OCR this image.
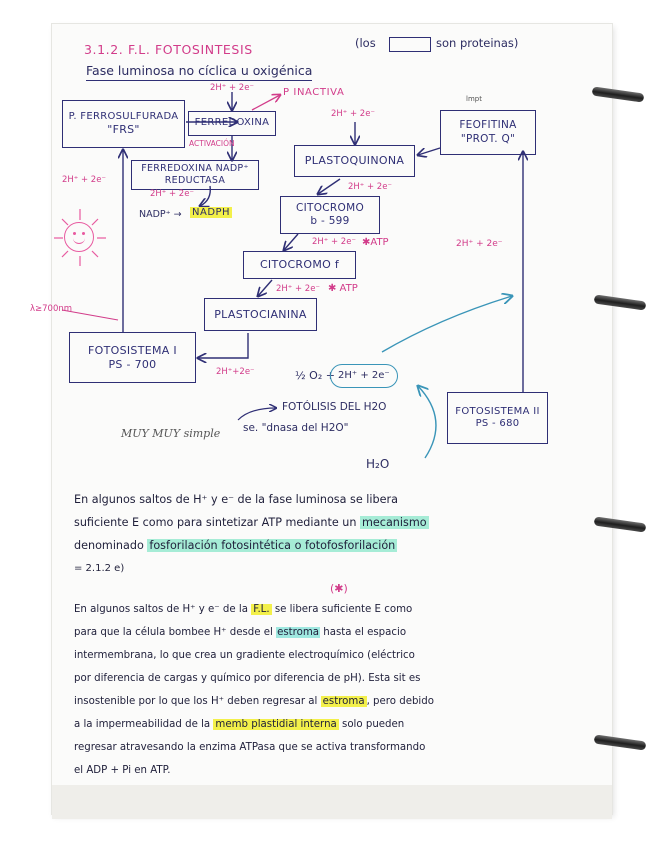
3.1.2. F.L. FOTOSINTESIS	(los	son proteinas)
Fase luminosa no cíclica u oxigénica
P. FERROSULFURADA
"FRS"
FERREDOXINA
FERREDOXINA NADP⁺
REDUCTASA
PLASTOQUINONA
FEOFITINA
"PROT. Q"
CITOCROMO
b - 599
CITOCROMO f
PLASTOCIANINA
FOTOSISTEMA I
PS - 700
FOTOSISTEMA II
PS - 680
2H⁺ + 2e⁻	P INACTIVA
ACTIVACIÓN
2H⁺ + 2e⁻
lmpt
2H⁺ + 2e⁻
2H⁺ + 2e⁻
NADP⁺ → NADPH
2H⁺ + 2e⁻
2H⁺ + 2e⁻ ✱ATP
2H⁺ + 2e⁻ ✱ ATP
2H⁺ + 2e⁻
λ≥700nm
2H⁺+2e⁻	½ O₂ + 2H⁺ + 2e⁻
H₂O
FOTÓLISIS DEL H2O
se. "dnasa del H2O"
MUY MUY simple

En algunos saltos de H⁺ y e⁻ de la fase luminosa se libera

suficiente E como para sintetizar ATP mediante un mecanismo

denominado fosforilación fotosintética o fotofosforilación

= 2.1.2 e)

(✱)

En algunos saltos de H⁺ y e⁻ de la F.L. se libera suficiente E como

para que la célula bombee H⁺ desde el estroma hasta el espacio

intermembrana, lo que crea un gradiente electroquímico (eléctrico

por diferencia de cargas y químico por diferencia de pH). Esta sit es

insostenible por lo que los H⁺ deben regresar al estroma , pero debido

a la impermeabilidad de la memb plastidial interna solo pueden

regresar atravesando la enzima ATPasa que se activa transformando

el ADP + Pi en ATP.
